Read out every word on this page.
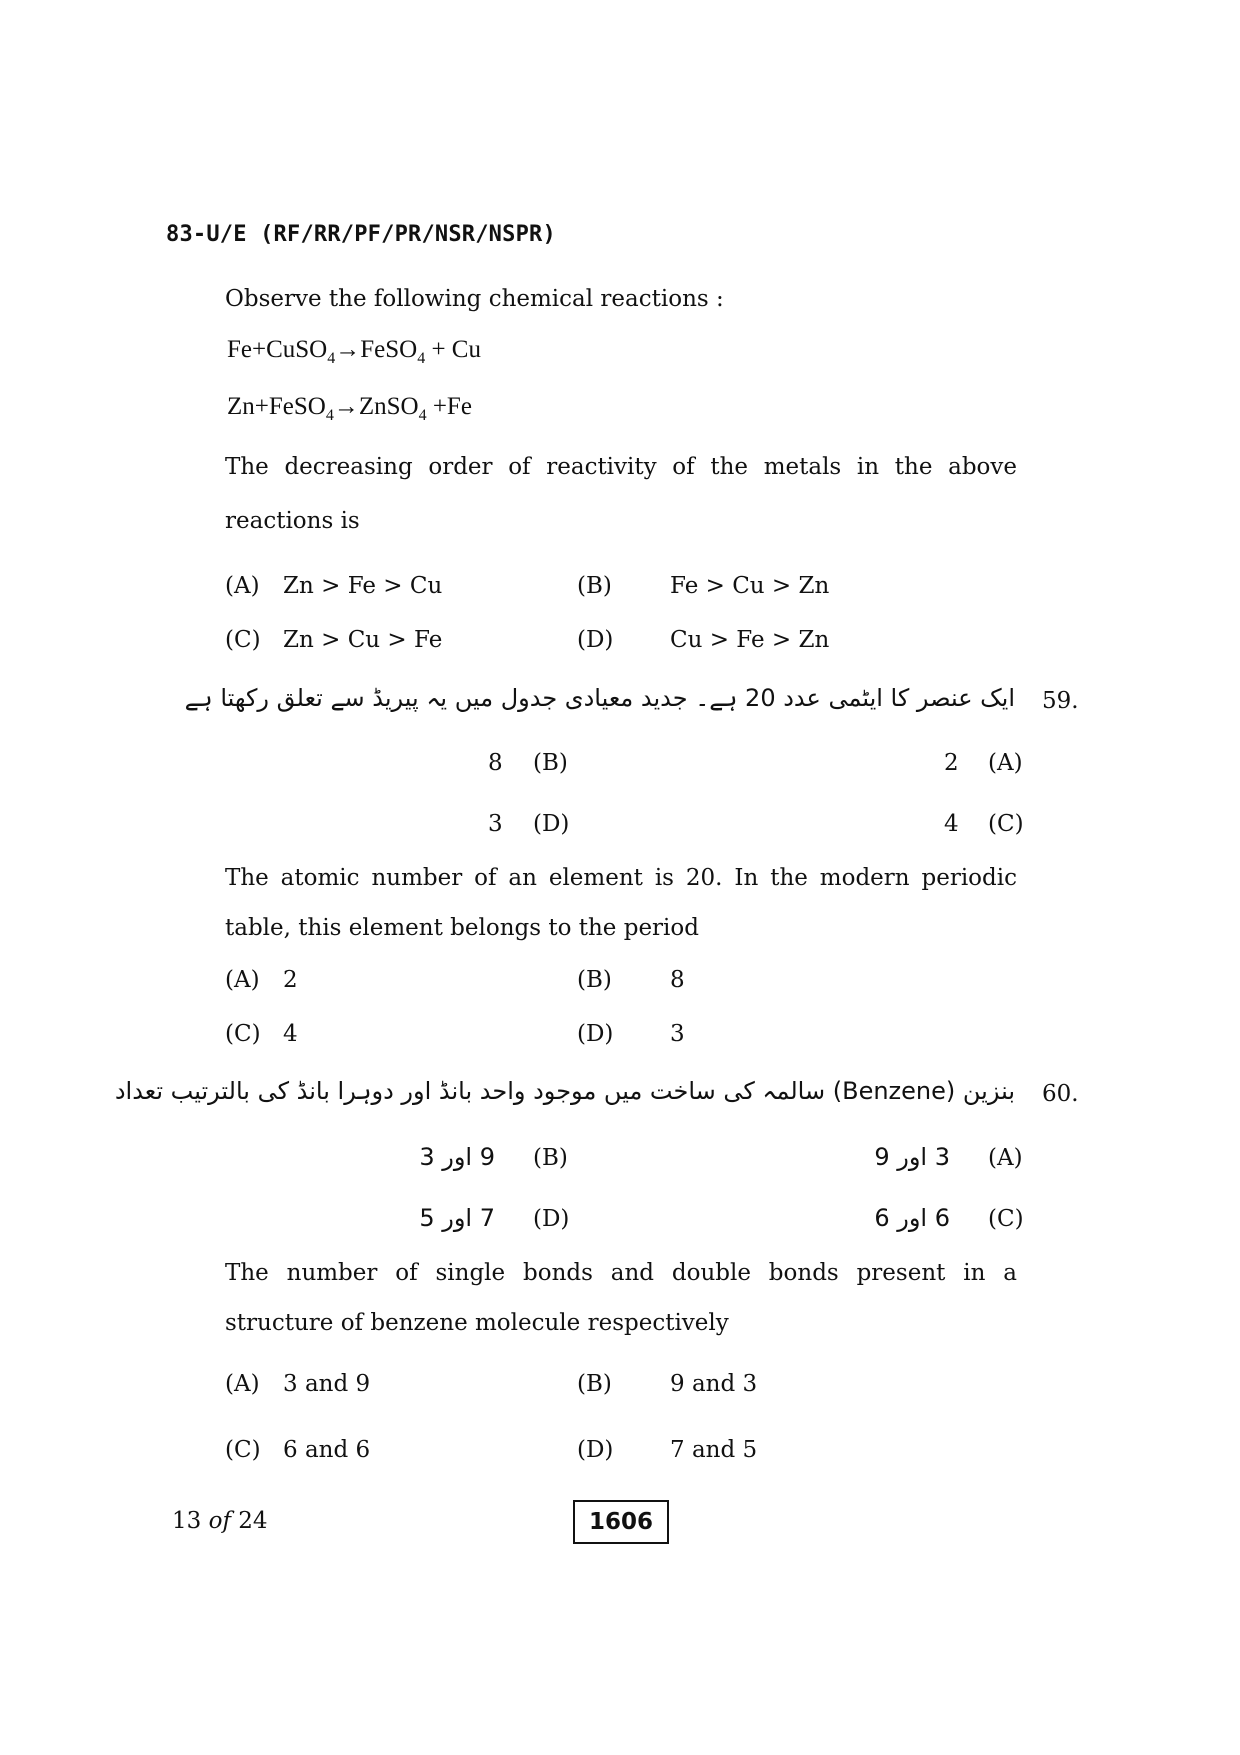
83-U/E (RF/RR/PF/PR/NSR/NSPR)
Observe the following chemical reactions :
Fe+CuSO$_4$→FeSO$_4$ + Cu
Zn+FeSO$_4$→ZnSO$_4$ +Fe
The decreasing order of reactivity of the metals in the above
reactions is
(A) Zn > Fe > Cu	(B)	Fe > Cu > Zn
(C) Zn > Cu > Fe	(D) Cu > Fe > Zn
59.
ایک عنصر کا ایٹمی عدد 20 ہے۔ جدید معیادی جدول میں یہ پیریڈ سے تعلق رکھتا ہے
(A)
2
(B)
8
(C)
4
(D)
3
The atomic number of an element is 20. In the modern periodic
table, this element belongs to the period
(A) 2	(B)	8
(C) 4	(D) 3
60.
بنزین (Benzene) سالمہ کی ساخت میں موجود واحد بانڈ اور دوہرا بانڈ کی بالترتیب تعداد
(A)
3 اور 9
(B)
9 اور 3
(C)
6 اور 6
(D)
7 اور 5
The number of single bonds and double bonds present in a
structure of benzene molecule respectively
(A) 3 and 9	(B)	9 and 3
(C) 6 and 6	(D) 7 and 5
13 of 24	1606
